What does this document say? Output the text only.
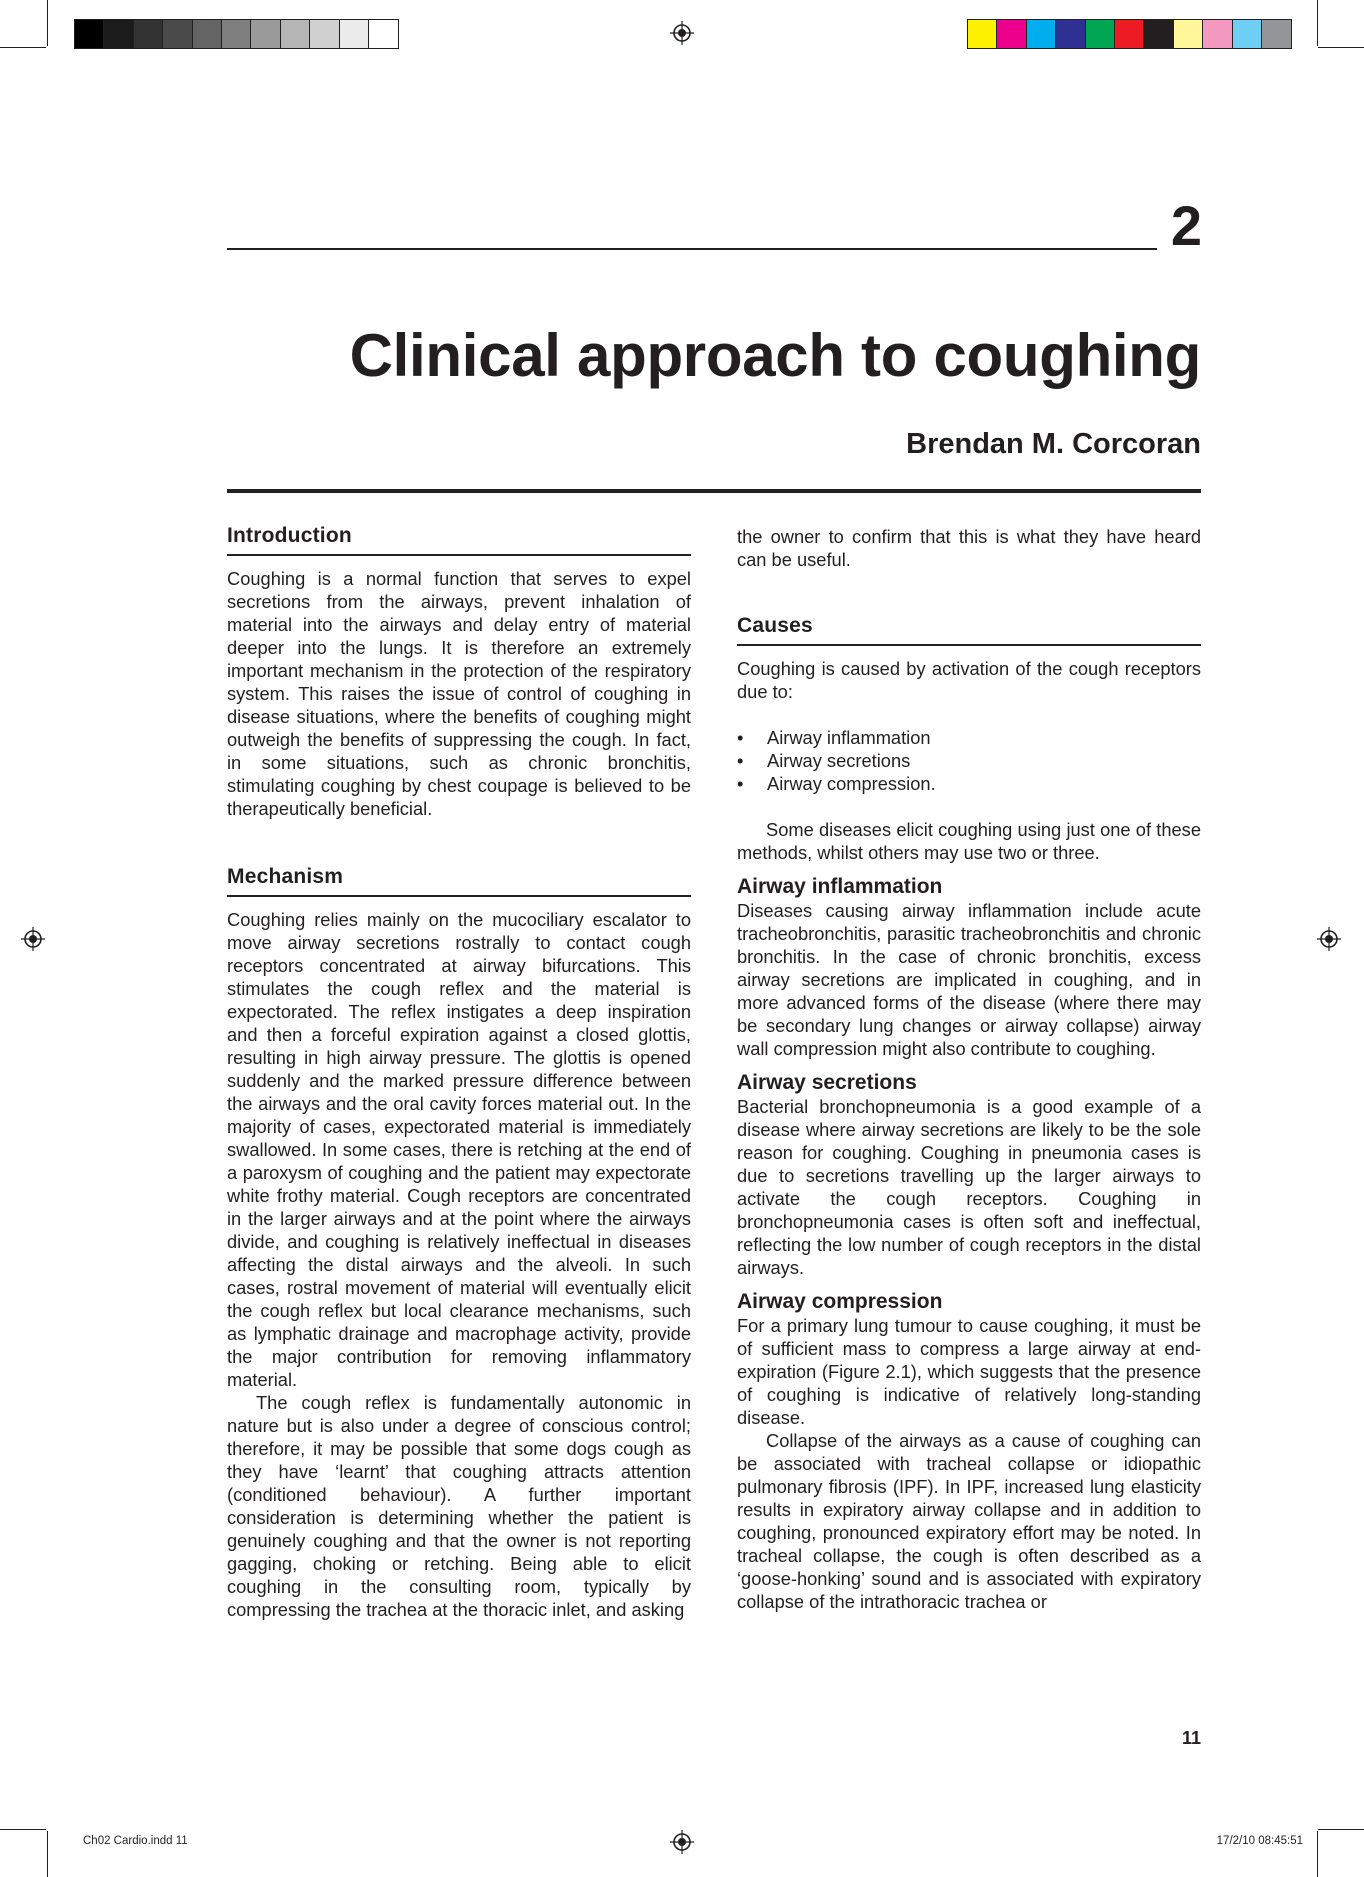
2
Clinical approach to coughing
Brendan M. Corcoran
Introduction

Coughing is a normal function that serves to expel secretions from the airways, prevent inhalation of material into the airways and delay entry of material deeper into the lungs. It is therefore an extremely important mechanism in the protection of the respiratory system. This raises the issue of control of coughing in disease situations, where the benefits of coughing might outweigh the benefits of suppressing the cough. In fact, in some situations, such as chronic bronchitis, stimulating coughing by chest coupage is believed to be therapeutically beneficial.

Mechanism

Coughing relies mainly on the mucociliary escalator to move airway secretions rostrally to contact cough receptors concentrated at airway bifurcations. This stimulates the cough reflex and the material is expectorated. The reflex instigates a deep inspiration and then a forceful expiration against a closed glottis, resulting in high airway pressure. The glottis is opened suddenly and the marked pressure difference between the airways and the oral cavity forces material out. In the majority of cases, expectorated material is immediately swallowed. In some cases, there is retching at the end of a paroxysm of coughing and the patient may expectorate white frothy material. Cough receptors are concentrated in the larger airways and at the point where the airways divide, and coughing is relatively ineffectual in diseases affecting the distal airways and the alveoli. In such cases, rostral movement of material will eventually elicit the cough reflex but local clearance mechanisms, such as lymphatic drainage and macrophage activity, provide the major contribution for removing inflammatory material.

The cough reflex is fundamentally autonomic in nature but is also under a degree of conscious control; therefore, it may be possible that some dogs cough as they have ‘learnt’ that coughing attracts attention (conditioned behaviour). A further important consideration is determining whether the patient is genuinely coughing and that the owner is not reporting gagging, choking or retching. Being able to elicit coughing in the consulting room, typically by compressing the trachea at the thoracic inlet, and asking

the owner to confirm that this is what they have heard can be useful.

Causes

Coughing is caused by activation of the cough receptors due to:

• Airway inflammation
• Airway secretions
• Airway compression.

Some diseases elicit coughing using just one of these methods, whilst others may use two or three.

Airway inflammation

Diseases causing airway inflammation include acute tracheobronchitis, parasitic tracheobronchitis and chronic bronchitis. In the case of chronic bronchitis, excess airway secretions are implicated in coughing, and in more advanced forms of the disease (where there may be secondary lung changes or airway collapse) airway wall compression might also contribute to coughing.

Airway secretions

Bacterial bronchopneumonia is a good example of a disease where airway secretions are likely to be the sole reason for coughing. Coughing in pneumonia cases is due to secretions travelling up the larger airways to activate the cough receptors. Coughing in bronchopneumonia cases is often soft and ineffectual, reflecting the low number of cough receptors in the distal airways.

Airway compression

For a primary lung tumour to cause coughing, it must be of sufficient mass to compress a large airway at end-expiration (Figure 2.1), which suggests that the presence of coughing is indicative of relatively long-standing disease.

Collapse of the airways as a cause of coughing can be associated with tracheal collapse or idiopathic pulmonary fibrosis (IPF). In IPF, increased lung elasticity results in expiratory airway collapse and in addition to coughing, pronounced expiratory effort may be noted. In tracheal collapse, the cough is often described as a ‘goose-honking’ sound and is associated with expiratory collapse of the intrathoracic trachea or

11
Ch02 Cardio.indd 11	17/2/10 08:45:51
